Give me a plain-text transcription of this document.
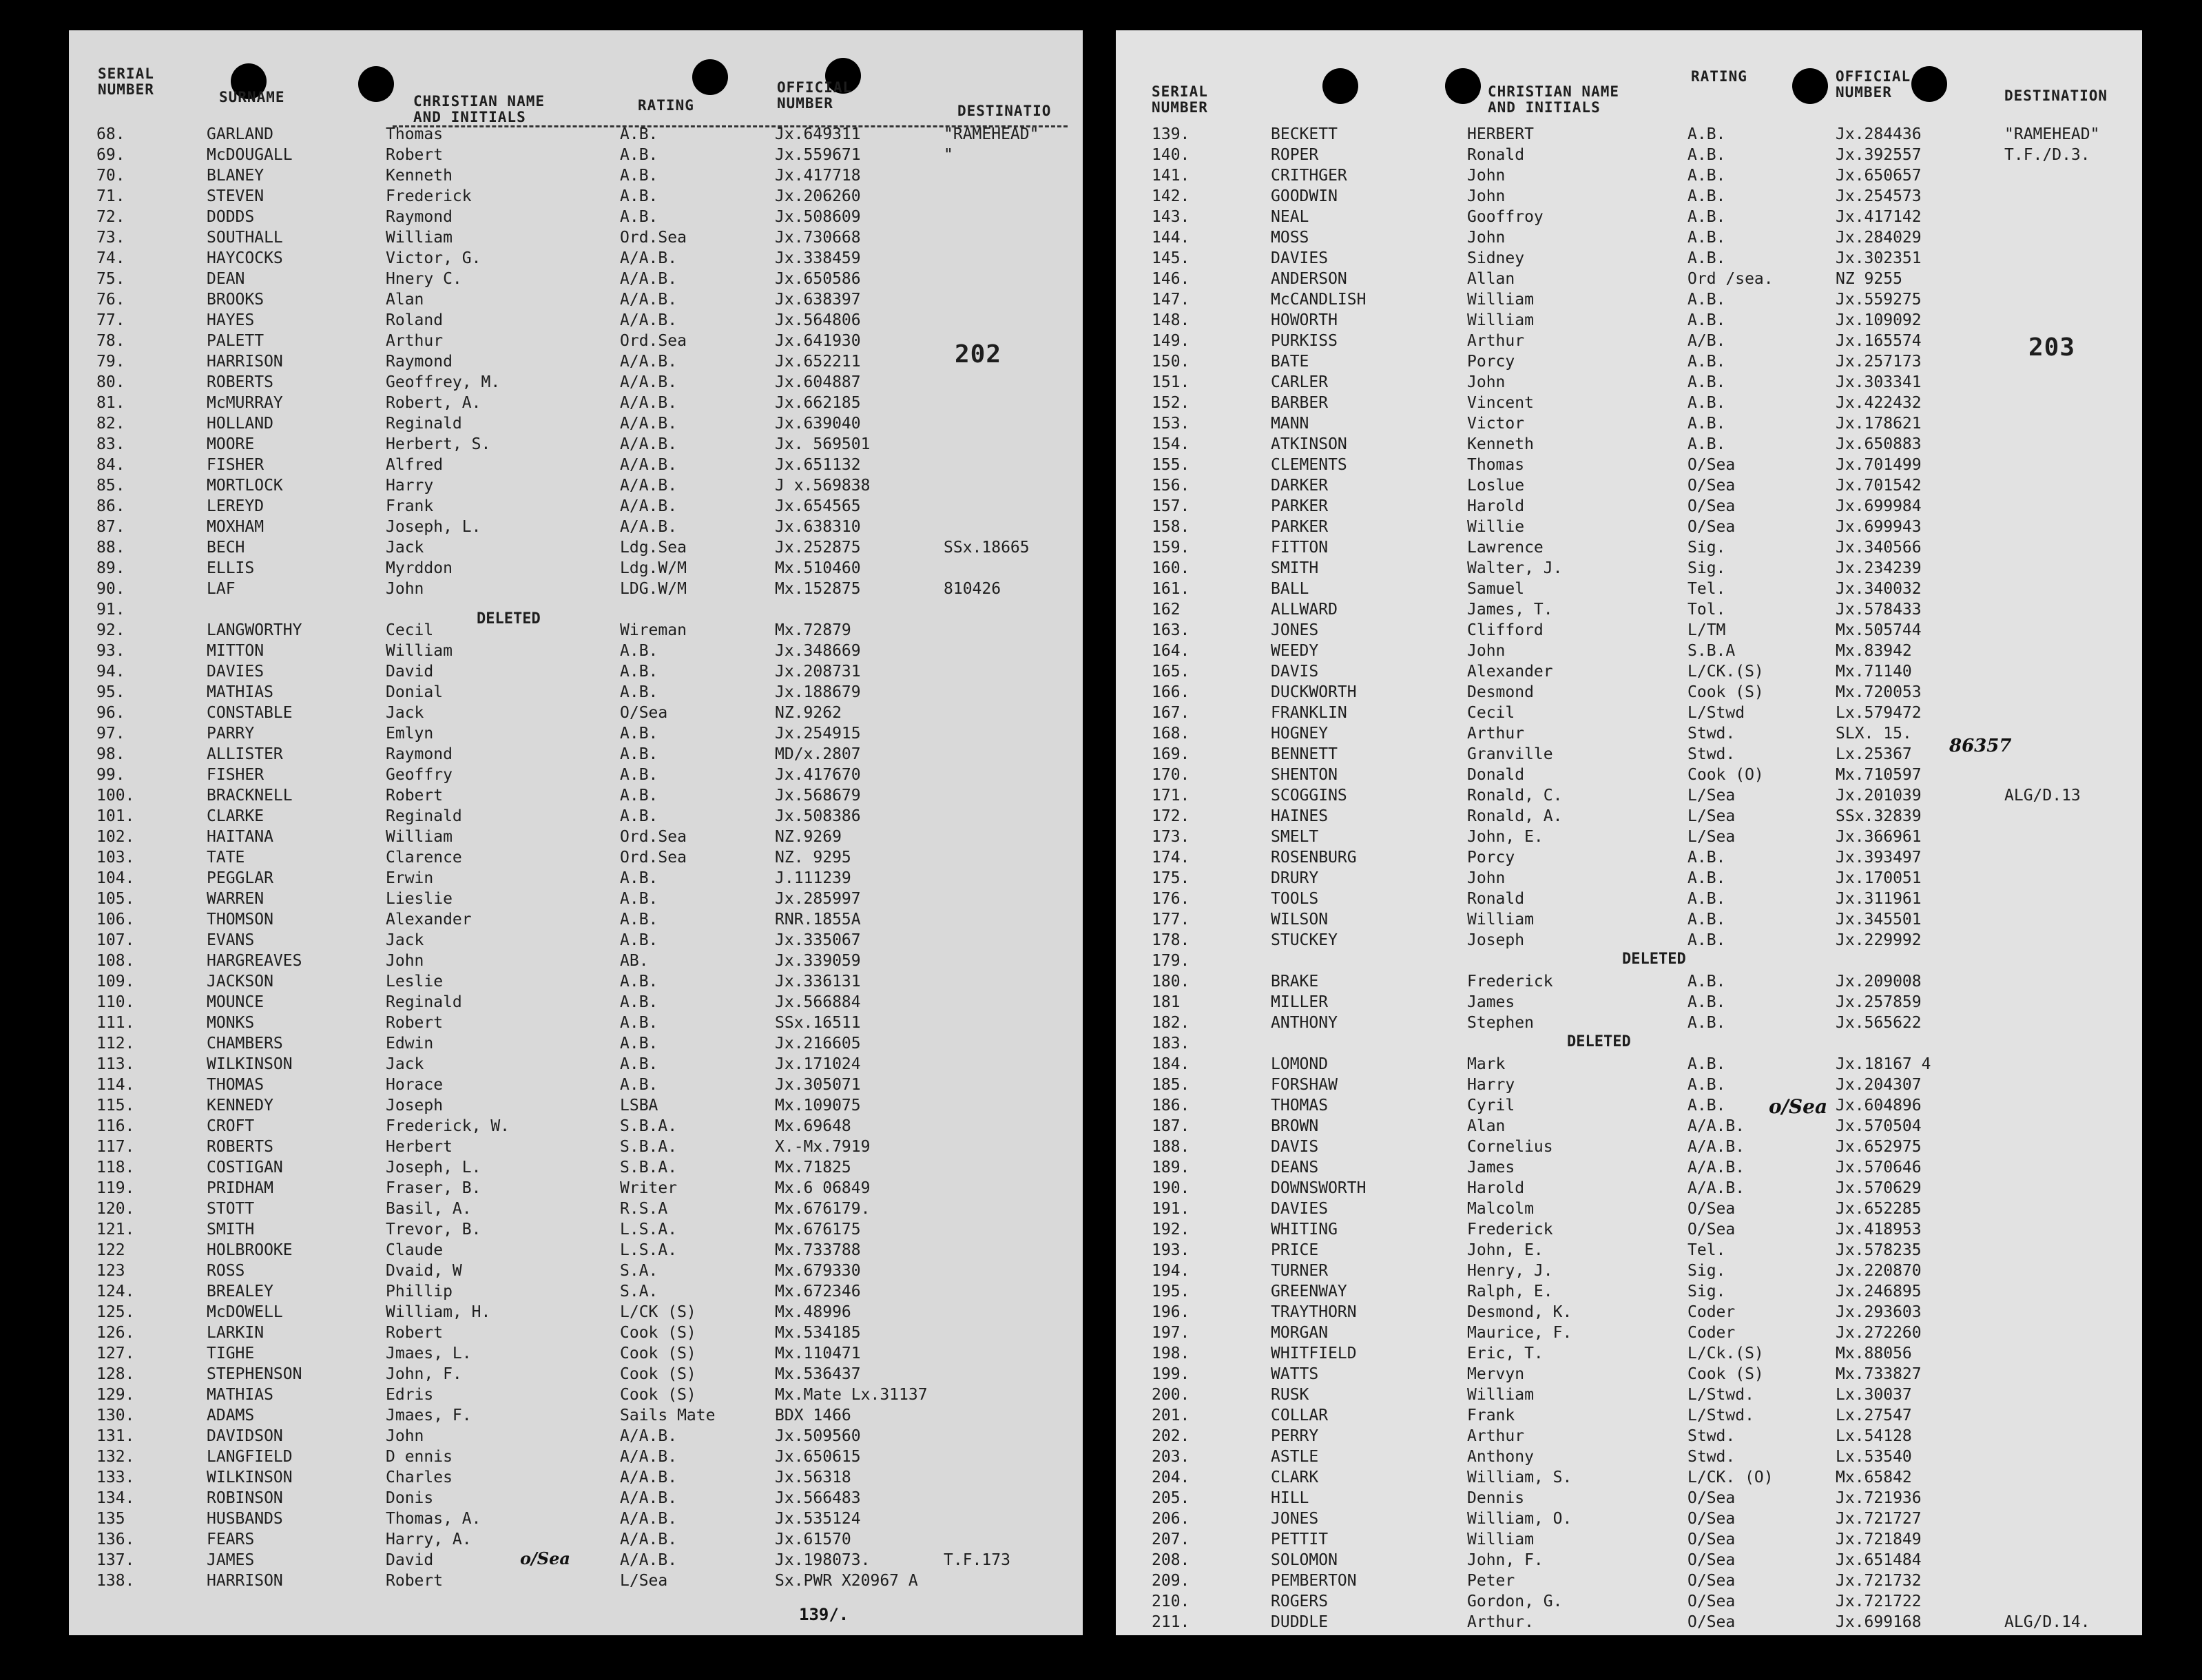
SERIAL NUMBER	SURNAME	CHRISTIAN NAME AND INITIALS
RATING
OFFICIAL NUMBER	DESTINATIO
202
68.	GARLAND	Thomas	A.B.	Jx.649311	"RAMEHEAD"
69.	McDOUGALL	Robert	A.B.	Jx.559671	"
70.	BLANEY	Kenneth	A.B.	Jx.417718
71.	STEVEN	Frederick	A.B.	Jx.206260
72.	DODDS	Raymond	A.B.	Jx.508609
73.	SOUTHALL	William	Ord.Sea	Jx.730668
74.	HAYCOCKS	Victor, G.	A/A.B.	Jx.338459
75.	DEAN	Hnery C.	A/A.B.	Jx.650586
76.	BROOKS	Alan	A/A.B.	Jx.638397
77.	HAYES	Roland	A/A.B.	Jx.564806
78.	PALETT	Arthur	Ord.Sea	Jx.641930
79.	HARRISON	Raymond	A/A.B.	Jx.652211
80.	ROBERTS	Geoffrey, M.	A/A.B.	Jx.604887
81.	McMURRAY	Robert, A.	A/A.B.	Jx.662185
82.	HOLLAND	Reginald	A/A.B.	Jx.639040
83.	MOORE	Herbert, S.	A/A.B.	Jx. 569501
84.	FISHER	Alfred	A/A.B.	Jx.651132
85.	MORTLOCK	Harry	A/A.B.	J x.569838
86.	LEREYD	Frank	A/A.B.	Jx.654565
87.	MOXHAM	Joseph, L.	A/A.B.	Jx.638310
88.	BECH	Jack	Ldg.Sea	Jx.252875	SSx.18665
89.	ELLIS	Myrddon	Ldg.W/M	Mx.510460
90.	LAF	John	LDG.W/M	Mx.152875	810426
91.
92.	LANGWORTHY	Cecil	Wireman	Mx.72879
93.	MITTON	William	A.B.	Jx.348669
94.	DAVIES	David	A.B.	Jx.208731
95.	MATHIAS	Donial	A.B.	Jx.188679
96.	CONSTABLE	Jack	O/Sea	NZ.9262
97.	PARRY	Emlyn	A.B.	Jx.254915
98.	ALLISTER	Raymond	A.B.	MD/x.2807
99.	FISHER	Geoffry	A.B.	Jx.417670
100.	BRACKNELL	Robert	A.B.	Jx.568679
101.	CLARKE	Reginald	A.B.	Jx.508386
102.	HAITANA	William	Ord.Sea	NZ.9269
103.	TATE	Clarence	Ord.Sea	NZ. 9295
104.	PEGGLAR	Erwin	A.B.	J.111239
105.	WARREN	Lieslie	A.B.	Jx.285997
106.	THOMSON	Alexander	A.B.	RNR.1855A
107.	EVANS	Jack	A.B.	Jx.335067
108.	HARGREAVES	John	AB.	Jx.339059
109.	JACKSON	Leslie	A.B.	Jx.336131
110.	MOUNCE	Reginald	A.B.	Jx.566884
111.	MONKS	Robert	A.B.	SSx.16511
112.	CHAMBERS	Edwin	A.B.	Jx.216605
113.	WILKINSON	Jack	A.B.	Jx.171024
114.	THOMAS	Horace	A.B.	Jx.305071
115.	KENNEDY	Joseph	LSBA	Mx.109075
116.	CROFT	Frederick, W.	S.B.A.	Mx.69648
117.	ROBERTS	Herbert	S.B.A.	X.-Mx.7919
118.	COSTIGAN	Joseph, L.	S.B.A.	Mx.71825
119.	PRIDHAM	Fraser, B.	Writer	Mx.6 06849
120.	STOTT	Basil, A.	R.S.A	Mx.676179.
121.	SMITH	Trevor, B.	L.S.A.	Mx.676175
122	HOLBROOKE	Claude	L.S.A.	Mx.733788
123	ROSS	Dvaid, W	S.A.	Mx.679330
124.	BREALEY	Phillip	S.A.	Mx.672346
125.	McDOWELL	William, H.	L/CK (S)	Mx.48996
126.	LARKIN	Robert	Cook (S)	Mx.534185
127.	TIGHE	Jmaes, L.	Cook (S)	Mx.110471
128.	STEPHENSON	John, F.	Cook (S)	Mx.536437
129.	MATHIAS	Edris	Cook (S)	Mx.Mate Lx.31137
130.	ADAMS	Jmaes, F.	Sails Mate	BDX 1466
131.	DAVIDSON	John	A/A.B.	Jx.509560
132.	LANGFIELD	D ennis	A/A.B.	Jx.650615
133.	WILKINSON	Charles	A/A.B.	Jx.56318
134.	ROBINSON	Donis	A/A.B.	Jx.566483
135	HUSBANDS	Thomas, A.	A/A.B.	Jx.535124
136.	FEARS	Harry, A.	A/A.B.	Jx.61570
137.	JAMES	David	A/A.B.	Jx.198073.	T.F.173
138.	HARRISON	Robert	L/Sea	Sx.PWR X20967 A
DELETED
o/Sea
139/.
SERIAL NUMBER
CHRISTIAN NAME AND INITIALS
RATING	OFFICIAL NUMBER	DESTINATION
203
139.	BECKETT	HERBERT	A.B.	Jx.284436	"RAMEHEAD"
140.	ROPER	Ronald	A.B.	Jx.392557	T.F./D.3.
141.	CRITHGER	John	A.B.	Jx.650657
142.	GOODWIN	John	A.B.	Jx.254573
143.	NEAL	Gooffroy	A.B.	Jx.417142
144.	MOSS	John	A.B.	Jx.284029
145.	DAVIES	Sidney	A.B.	Jx.302351
146.	ANDERSON	Allan	Ord /sea.	NZ 9255
147.	McCANDLISH	William	A.B.	Jx.559275
148.	HOWORTH	William	A.B.	Jx.109092
149.	PURKISS	Arthur	A/B.	Jx.165574
150.	BATE	Porcy	A.B.	Jx.257173
151.	CARLER	John	A.B.	Jx.303341
152.	BARBER	Vincent	A.B.	Jx.422432
153.	MANN	Victor	A.B.	Jx.178621
154.	ATKINSON	Kenneth	A.B.	Jx.650883
155.	CLEMENTS	Thomas	O/Sea	Jx.701499
156.	DARKER	Loslue	O/Sea	Jx.701542
157.	PARKER	Harold	O/Sea	Jx.699984
158.	PARKER	Willie	O/Sea	Jx.699943
159.	FITTON	Lawrence	Sig.	Jx.340566
160.	SMITH	Walter, J.	Sig.	Jx.234239
161.	BALL	Samuel	Tel.	Jx.340032
162	ALLWARD	James, T.	Tol.	Jx.578433
163.	JONES	Clifford	L/TM	Mx.505744
164.	WEEDY	John	S.B.A	Mx.83942
165.	DAVIS	Alexander	L/CK.(S)	Mx.71140
166.	DUCKWORTH	Desmond	Cook (S)	Mx.720053
167.	FRANKLIN	Cecil	L/Stwd	Lx.579472
168.	HOGNEY	Arthur	Stwd.	SLX. 15.
169.	BENNETT	Granville	Stwd.	Lx.25367
170.	SHENTON	Donald	Cook (O)	Mx.710597
171.	SCOGGINS	Ronald, C.	L/Sea	Jx.201039	ALG/D.13
172.	HAINES	Ronald, A.	L/Sea	SSx.32839
173.	SMELT	John, E.	L/Sea	Jx.366961
174.	ROSENBURG	Porcy	A.B.	Jx.393497
175.	DRURY	John	A.B.	Jx.170051
176.	TOOLS	Ronald	A.B.	Jx.311961
177.	WILSON	William	A.B.	Jx.345501
178.	STUCKEY	Joseph	A.B.	Jx.229992
179.
180.	BRAKE	Frederick	A.B.	Jx.209008
181	MILLER	James	A.B.	Jx.257859
182.	ANTHONY	Stephen	A.B.	Jx.565622
183.
184.	LOMOND	Mark	A.B.	Jx.18167 4
185.	FORSHAW	Harry	A.B.	Jx.204307
186.	THOMAS	Cyril	A.B.	Jx.604896
187.	BROWN	Alan	A/A.B.	Jx.570504
188.	DAVIS	Cornelius	A/A.B.	Jx.652975
189.	DEANS	James	A/A.B.	Jx.570646
190.	DOWNSWORTH	Harold	A/A.B.	Jx.570629
191.	DAVIES	Malcolm	O/Sea	Jx.652285
192.	WHITING	Frederick	O/Sea	Jx.418953
193.	PRICE	John, E.	Tel.	Jx.578235
194.	TURNER	Henry, J.	Sig.	Jx.220870
195.	GREENWAY	Ralph, E.	Sig.	Jx.246895
196.	TRAYTHORN	Desmond, K.	Coder	Jx.293603
197.	MORGAN	Maurice, F.	Coder	Jx.272260
198.	WHITFIELD	Eric, T.	L/Ck.(S)	Mx.88056
199.	WATTS	Mervyn	Cook (S)	Mx.733827
200.	RUSK	William	L/Stwd.	Lx.30037
201.	COLLAR	Frank	L/Stwd.	Lx.27547
202.	PERRY	Arthur	Stwd.	Lx.54128
203.	ASTLE	Anthony	Stwd.	Lx.53540
204.	CLARK	William, S.	L/CK. (O)	Mx.65842
205.	HILL	Dennis	O/Sea	Jx.721936
206.	JONES	William, O.	O/Sea	Jx.721727
207.	PETTIT	William	O/Sea	Jx.721849
208.	SOLOMON	John, F.	O/Sea	Jx.651484
209.	PEMBERTON	Peter	O/Sea	Jx.721732
210.	ROGERS	Gordon, G.	O/Sea	Jx.721722
211.	DUDDLE	Arthur.	O/Sea	Jx.699168	ALG/D.14.
DELETED
DELETED
o/Sea
86357
